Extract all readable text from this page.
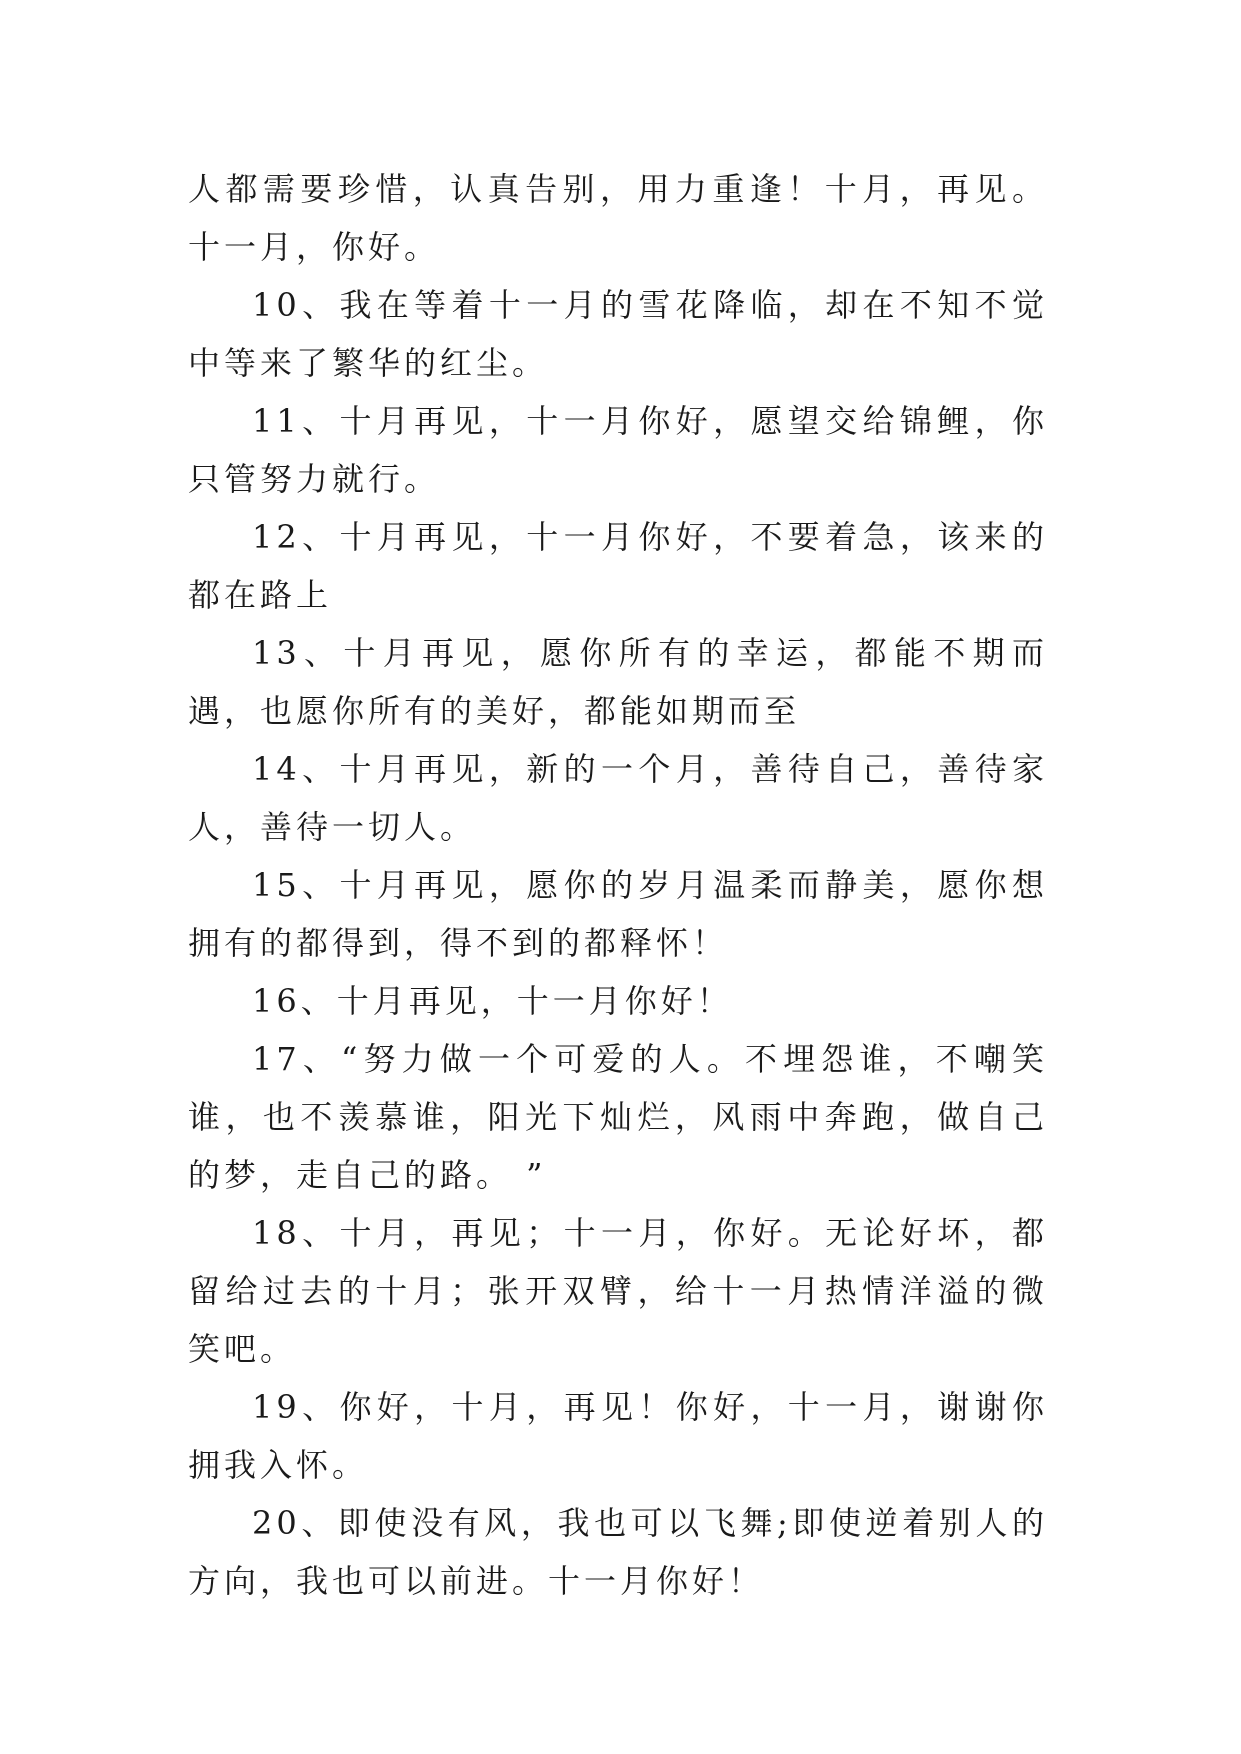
人都需要珍惜，认真告别，用力重逢！十月，再见。十一月，你好。

10、我在等着十一月的雪花降临，却在不知不觉中等来了繁华的红尘。

11、十月再见，十一月你好，愿望交给锦鲤，你只管努力就行。

12、十月再见，十一月你好，不要着急，该来的都在路上

13、十月再见，愿你所有的幸运，都能不期而遇，也愿你所有的美好，都能如期而至

14、十月再见，新的一个月，善待自己，善待家人，善待一切人。

15、十月再见，愿你的岁月温柔而静美，愿你想拥有的都得到，得不到的都释怀！

16、十月再见，十一月你好！

17、“努力做一个可爱的人。不埋怨谁，不嘲笑谁，也不羡慕谁，阳光下灿烂，风雨中奔跑，做自己的梦，走自己的路。 ”

18、十月，再见；十一月，你好。无论好坏，都留给过去的十月；张开双臂，给十一月热情洋溢的微笑吧。

19、你好，十月，再见！你好，十一月，谢谢你拥我入怀。

20、即使没有风，我也可以飞舞;即使逆着别人的方向，我也可以前进。十一月你好！
